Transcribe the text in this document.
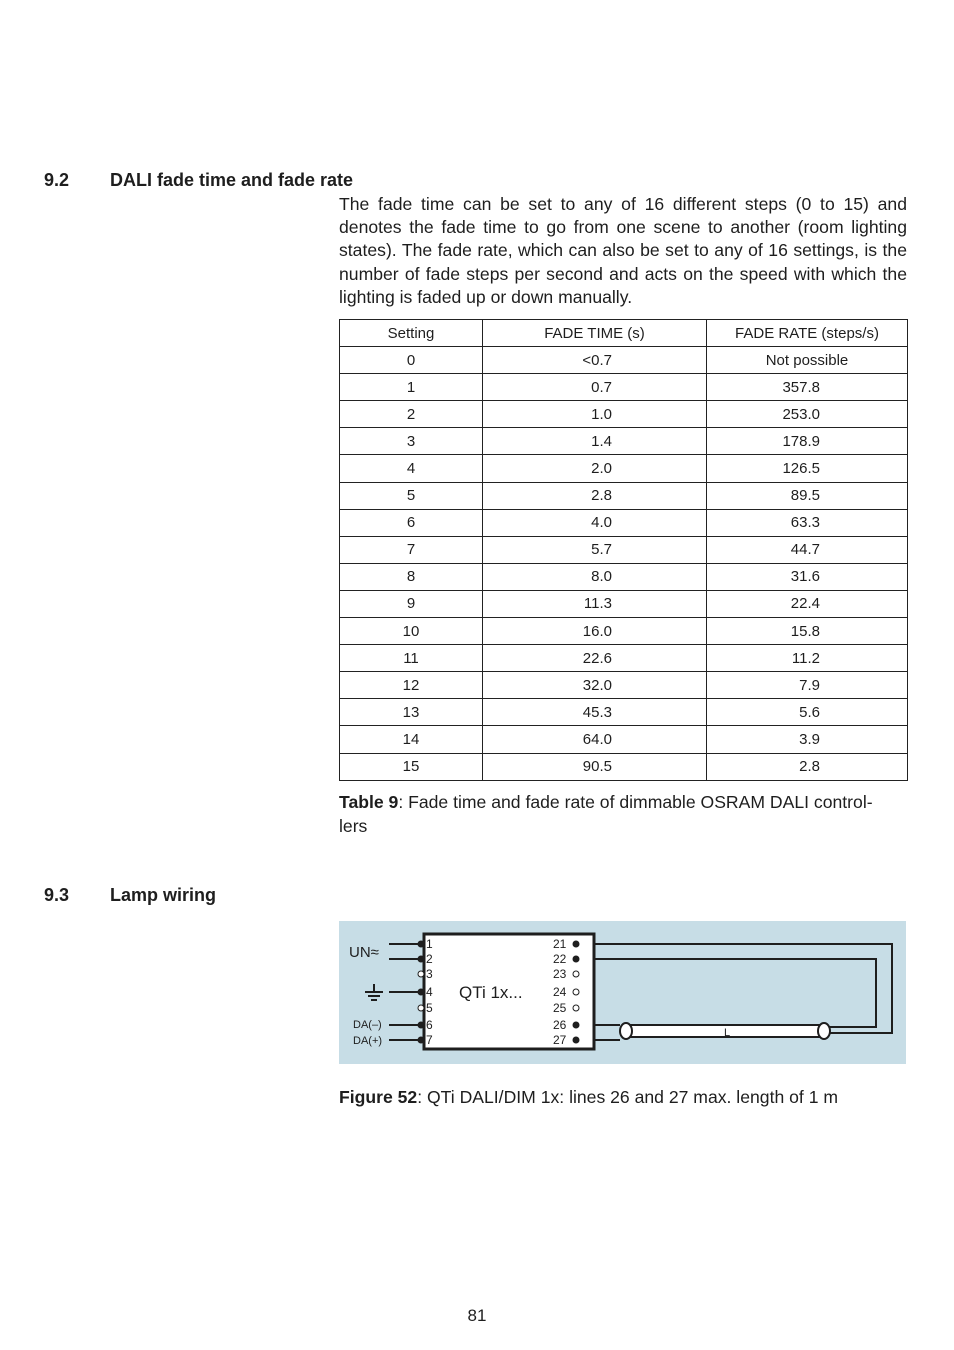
9.2 DALI fade time and fade rate
The fade time can be set to any of 16 different steps (0 to 15) and denotes the fade time to go from one scene to another (room lighting states). The fade rate, which can also be set to any of 16 settings, is the number of fade steps per second and acts on the speed with which the lighting is faded up or down manually.
Setting	FADE TIME (s)	FADE RATE (steps/s)
0	<0.7	Not possible
1	0.7	357.8
2	1.0	253.0
3	1.4	178.9
4	2.0	126.5
5	2.8	89.5
6	4.0	63.3
7	5.7	44.7
8	8.0	31.6
9	11.3	22.4
10	16.0	15.8
11	22.6	11.2
12	32.0	7.9
13	45.3	5.6
14	64.0	3.9
15	90.5	2.8
Table 9: Fade time and fade rate of dimmable OSRAM DALI control-
lers
9.3 Lamp wiring
UN≈
QTi 1x...
DA(–)
DA(+)
1
2
3
4
5
6
7
21
22
23
24
25
26
27	L
Figure 52: QTi DALI/DIM 1x: lines 26 and 27 max. length of 1 m
81
